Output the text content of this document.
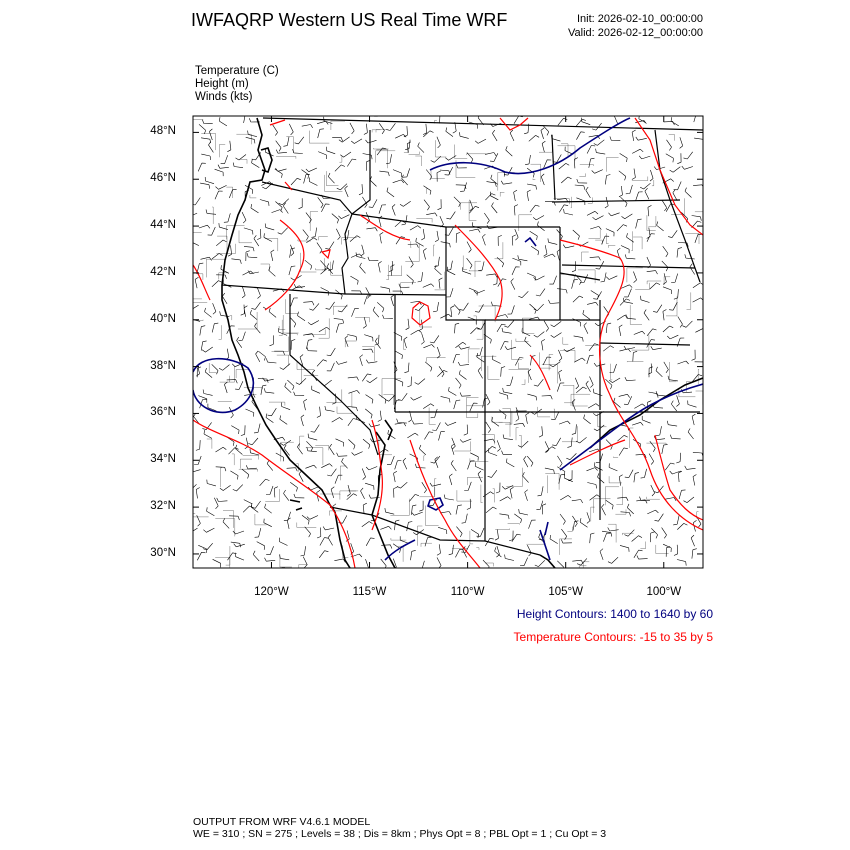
IWFAQRP Western US Real Time WRF	Init: 2026-02-10_00:00:00
Valid: 2026-02-12_00:00:00
Temperature (C)
Height (m)
Winds (kts)
48°N
46°N
44°N
42°N
40°N
38°N
36°N
34°N
32°N
30°N
120°W	115°W	110°W	105°W	100°W
Height Contours: 1400 to 1640 by 60
Temperature Contours: -15 to 35 by 5
OUTPUT FROM WRF V4.6.1 MODEL
WE = 310 ; SN = 275 ; Levels = 38 ; Dis = 8km ; Phys Opt = 8 ; PBL Opt = 1 ; Cu Opt = 3
